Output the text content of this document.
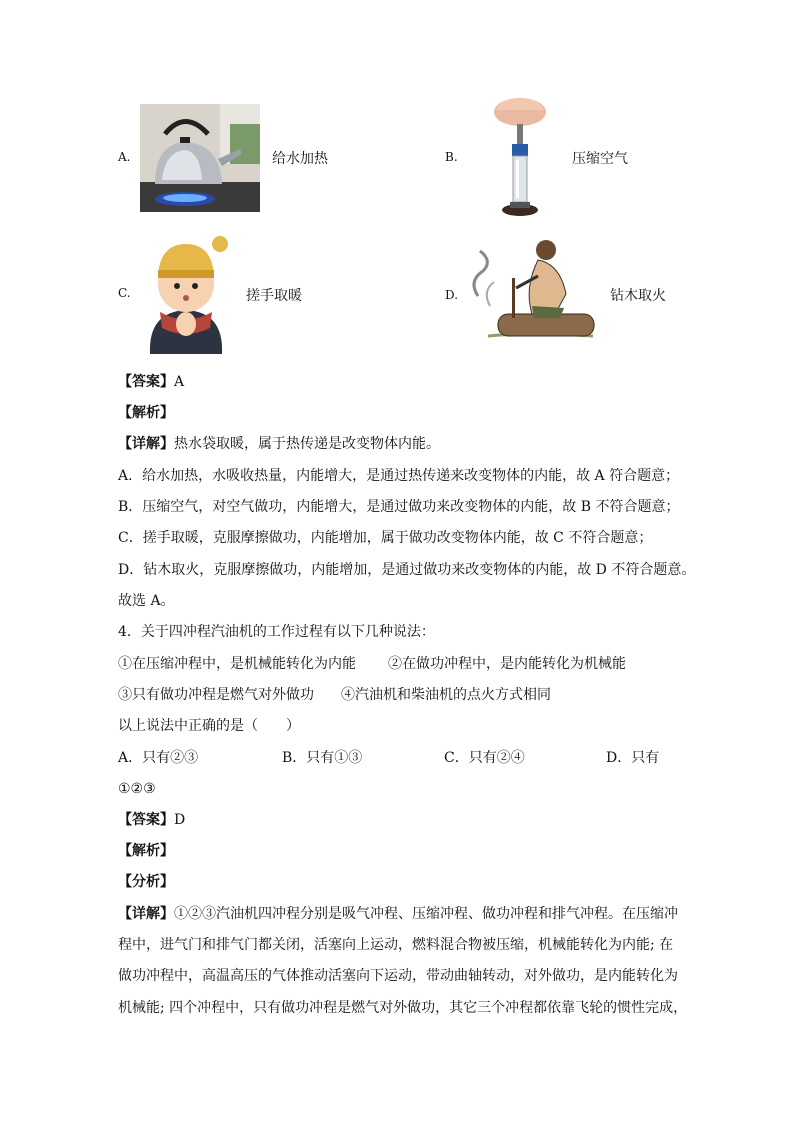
A.	给水加热	B.	压缩空气
C.	搓手取暖	D.	钻木取火
【答案】A
【解析】
【详解】热水袋取暖，属于热传递是改变物体内能。
A．给水加热，水吸收热量，内能增大，是通过热传递来改变物体的内能，故 A 符合题意；
B．压缩空气，对空气做功，内能增大，是通过做功来改变物体的内能，故 B 不符合题意；
C．搓手取暖，克服摩擦做功，内能增加，属于做功改变物体内能，故 C 不符合题意；
D．钻木取火，克服摩擦做功，内能增加，是通过做功来改变物体的内能，故 D 不符合题意。
故选 A。
4．关于四冲程汽油机的工作过程有以下几种说法：
①在压缩冲程中，是机械能转化为内能 ②在做功冲程中，是内能转化为机械能
③只有做功冲程是燃气对外做功 ④汽油机和柴油机的点火方式相同
以上说法中正确的是（　　）
A．只有②③	B．只有①③	C．只有②④	D．只有
①②③
【答案】D
【解析】
【分析】
【详解】①②③汽油机四冲程分别是吸气冲程、压缩冲程、做功冲程和排气冲程。在压缩冲
程中，进气门和排气门都关闭，活塞向上运动，燃料混合物被压缩，机械能转化为内能; 在
做功冲程中，高温高压的气体推动活塞向下运动，带动曲轴转动，对外做功，是内能转化为
机械能; 四个冲程中，只有做功冲程是燃气对外做功，其它三个冲程都依靠飞轮的惯性完成，
